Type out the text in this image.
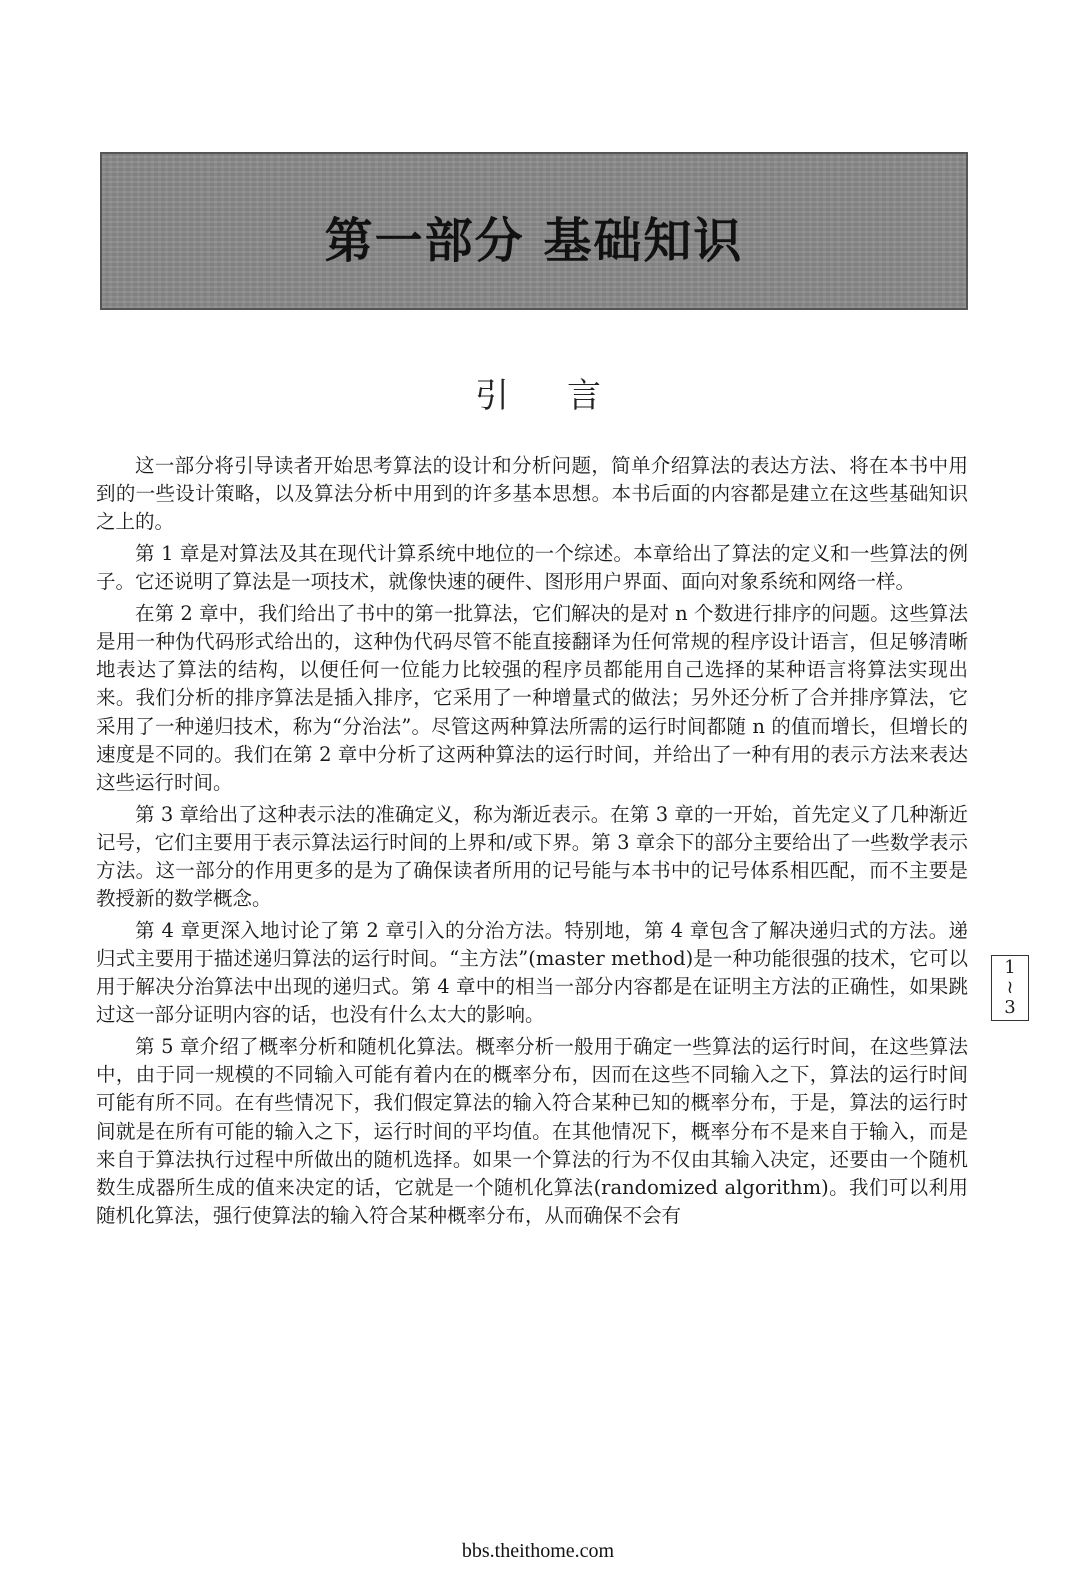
第一部分 基础知识
引言

这一部分将引导读者开始思考算法的设计和分析问题，简单介绍算法的表达方法、将在本书中用到的一些设计策略，以及算法分析中用到的许多基本思想。本书后面的内容都是建立在这些基础知识之上的。

第 1 章是对算法及其在现代计算系统中地位的一个综述。本章给出了算法的定义和一些算法的例子。它还说明了算法是一项技术，就像快速的硬件、图形用户界面、面向对象系统和网络一样。

在第 2 章中，我们给出了书中的第一批算法，它们解决的是对 n 个数进行排序的问题。这些算法是用一种伪代码形式给出的，这种伪代码尽管不能直接翻译为任何常规的程序设计语言，但足够清晰地表达了算法的结构，以便任何一位能力比较强的程序员都能用自己选择的某种语言将算法实现出来。我们分析的排序算法是插入排序，它采用了一种增量式的做法；另外还分析了合并排序算法，它采用了一种递归技术，称为“分治法”。尽管这两种算法所需的运行时间都随 n 的值而增长，但增长的速度是不同的。我们在第 2 章中分析了这两种算法的运行时间，并给出了一种有用的表示方法来表达这些运行时间。

第 3 章给出了这种表示法的准确定义，称为渐近表示。在第 3 章的一开始，首先定义了几种渐近记号，它们主要用于表示算法运行时间的上界和/或下界。第 3 章余下的部分主要给出了一些数学表示方法。这一部分的作用更多的是为了确保读者所用的记号能与本书中的记号体系相匹配，而不主要是教授新的数学概念。

第 4 章更深入地讨论了第 2 章引入的分治方法。特别地，第 4 章包含了解决递归式的方法。递归式主要用于描述递归算法的运行时间。“主方法”(master method)是一种功能很强的技术，它可以用于解决分治算法中出现的递归式。第 4 章中的相当一部分内容都是在证明主方法的正确性，如果跳过这一部分证明内容的话，也没有什么太大的影响。

第 5 章介绍了概率分析和随机化算法。概率分析一般用于确定一些算法的运行时间，在这些算法中，由于同一规模的不同输入可能有着内在的概率分布，因而在这些不同输入之下，算法的运行时间可能有所不同。在有些情况下，我们假定算法的输入符合某种已知的概率分布，于是，算法的运行时间就是在所有可能的输入之下，运行时间的平均值。在其他情况下，概率分布不是来自于输入，而是来自于算法执行过程中所做出的随机选择。如果一个算法的行为不仅由其输入决定，还要由一个随机数生成器所生成的值来决定的话，它就是一个随机化算法(randomized algorithm)。我们可以利用随机化算法，强行使算法的输入符合某种概率分布，从而确保不会有

1
≀
3
bbs.theithome.com
